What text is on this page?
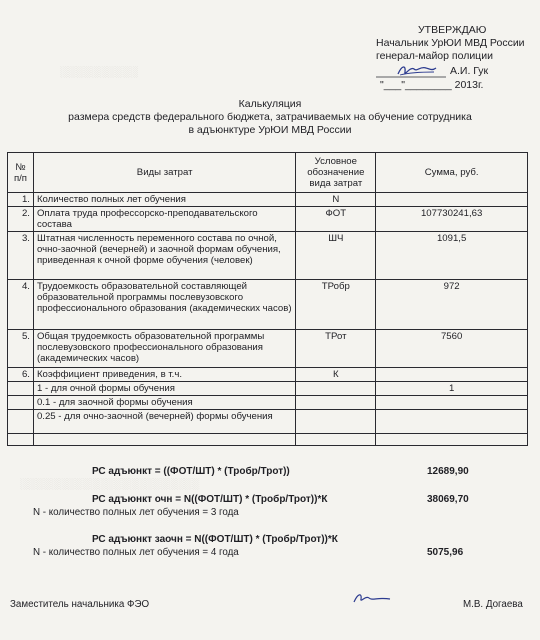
░░░░░░░░░░
░░░░░░░░░░░░░░░░░░░░░░░
УТВЕРЖДАЮ
Начальник УрЮИ МВД России
генерал-майор полиции
А.И. Гук
"___"________ 2013г.
Калькуляция
размера средств федерального бюджета, затрачиваемых на обучение сотрудника
в адъюнктуре УрЮИ МВД России
№ п/п	Виды затрат	Условное обозначение вида затрат	Сумма, руб.
1.	Количество полных лет обучения	N	
2.	Оплата труда профессорско-преподавательского состава	ФОТ	107730241,63
3.	Штатная численность переменного состава по очной, очно-заочной (вечерней) и заочной формам обучения, приведенная к очной форме обучения (человек)	ШЧ	1091,5
4.	Трудоемкость образовательной составляющей образовательной программы послевузовского профессионального образования (академических часов)	ТРобр	972
5.	Общая трудоемкость образовательной программы послевузовского профессионального образования (академических часов)	ТРот	7560
6.	Коэффициент приведения, в т.ч.	К	
	1 - для очной формы обучения		1
	0.1 - для заочной формы обучения		
	0.25 - для очно-заочной (вечерней) формы обучения		

РС адъюнкт = ((ФОТ/ШТ) * (Тробр/Трот))	12689,90
РС адъюнкт очн = N((ФОТ/ШТ) * (Тробр/Трот))*К	38069,70
N - количество полных лет обучения = 3 года
РС адъюнкт заочн = N((ФОТ/ШТ) * (Тробр/Трот))*К
N - количество полных лет обучения = 4 года	5075,96
Заместитель начальника ФЭО	М.В. Догаева
